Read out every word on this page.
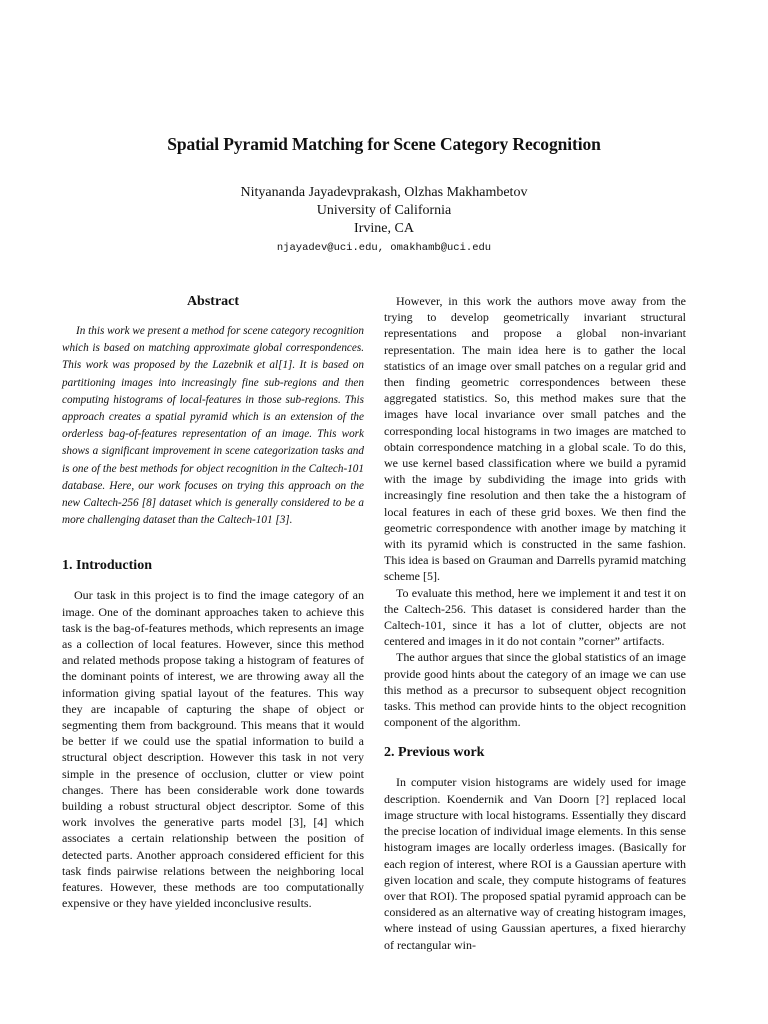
Spatial Pyramid Matching for Scene Category Recognition
Nityananda Jayadevprakash, Olzhas Makhambetov
University of California
Irvine, CA
njayadev@uci.edu, omakhamb@uci.edu
Abstract

In this work we present a method for scene category recognition which is based on matching approximate global correspondences. This work was proposed by the Lazebnik et al[1]. It is based on partitioning images into increasingly fine sub-regions and then computing histograms of local-features in those sub-regions. This approach creates a spatial pyramid which is an extension of the orderless bag-of-features representation of an image. This work shows a significant improvement in scene categorization tasks and is one of the best methods for object recognition in the Caltech-101 database. Here, our work focuses on trying this approach on the new Caltech-256 [8] dataset which is generally considered to be a more challenging dataset than the Caltech-101 [3].

1. Introduction

Our task in this project is to find the image category of an image. One of the dominant approaches taken to achieve this task is the bag-of-features methods, which represents an image as a collection of local features. However, since this method and related methods propose taking a histogram of features of the dominant points of interest, we are throwing away all the information giving spatial layout of the features. This way they are incapable of capturing the shape of object or segmenting them from background. This means that it would be better if we could use the spatial information to build a structural object description. However this task in not very simple in the presence of occlusion, clutter or view point changes. There has been considerable work done towards building a robust structural object descriptor. Some of this work involves the generative parts model [3], [4] which associates a certain relationship between the position of detected parts. Another approach considered efficient for this task finds pairwise relations between the neighboring local features. However, these methods are too computationally expensive or they have yielded inconclusive results.

However, in this work the authors move away from the trying to develop geometrically invariant structural representations and propose a global non-invariant representation. The main idea here is to gather the local statistics of an image over small patches on a regular grid and then finding geometric correspondences between these aggregated statistics. So, this method makes sure that the images have local invariance over small patches and the corresponding local histograms in two images are matched to obtain correspondence matching in a global scale. To do this, we use kernel based classification where we build a pyramid with the image by subdividing the image into grids with increasingly fine resolution and then take the a histogram of local features in each of these grid boxes. We then find the geometric correspondence with another image by matching it with its pyramid which is constructed in the same fashion. This idea is based on Grauman and Darrells pyramid matching scheme [5].

To evaluate this method, here we implement it and test it on the Caltech-256. This dataset is considered harder than the Caltech-101, since it has a lot of clutter, objects are not centered and images in it do not contain ”corner” artifacts.

The author argues that since the global statistics of an image provide good hints about the category of an image we can use this method as a precursor to subsequent object recognition tasks. This method can provide hints to the object recognition component of the algorithm.

2. Previous work

In computer vision histograms are widely used for image description. Koendernik and Van Doorn [?] replaced local image structure with local histograms. Essentially they discard the precise location of individual image elements. In this sense histogram images are locally orderless images. (Basically for each region of interest, where ROI is a Gaussian aperture with given location and scale, they compute histograms of features over that ROI). The proposed spatial pyramid approach can be considered as an alternative way of creating histogram images, where instead of using Gaussian apertures, a fixed hierarchy of rectangular win-
